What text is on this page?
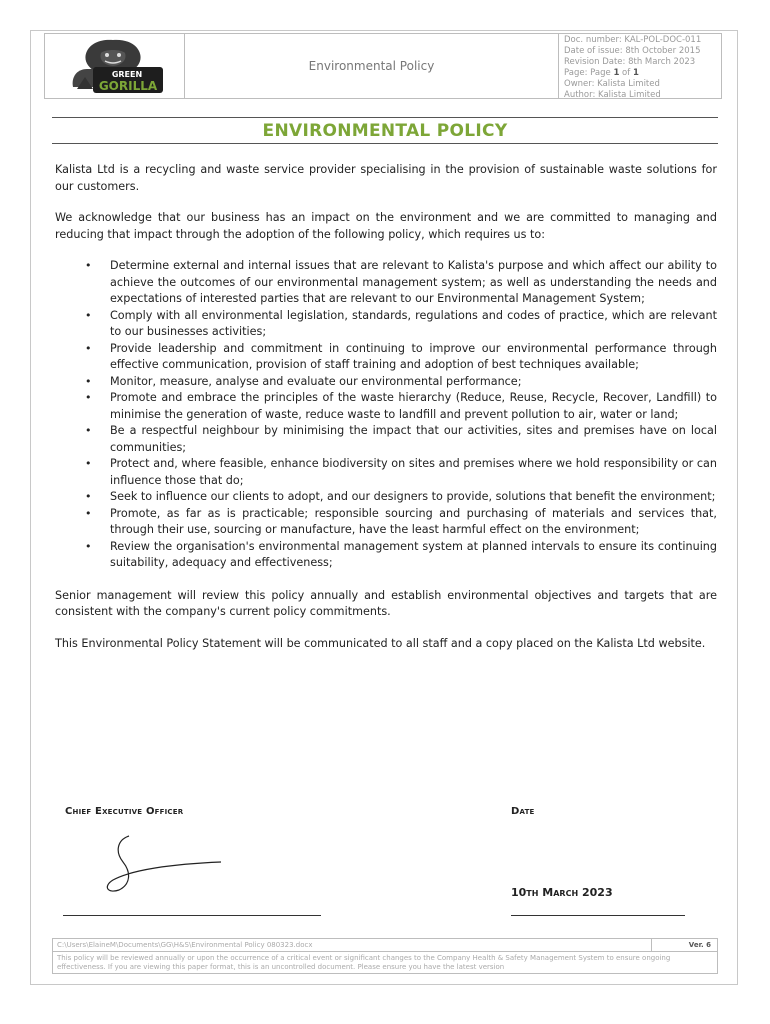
GREEN
GORILLA
Environmental Policy
Doc. number: KAL-POL-DOC-011
Date of issue: 8th October 2015
Revision Date: 8th March 2023
Page: Page 1 of 1
Owner: Kalista Limited
Author: Kalista Limited
ENVIRONMENTAL POLICY

Kalista Ltd is a recycling and waste service provider specialising in the provision of sustainable waste solutions for our customers.

We acknowledge that our business has an impact on the environment and we are committed to managing and reducing that impact through the adoption of the following policy, which requires us to:

• Determine external and internal issues that are relevant to Kalista's purpose and which affect our ability to achieve the outcomes of our environmental management system; as well as understanding the needs and expectations of interested parties that are relevant to our Environmental Management System;
• Comply with all environmental legislation, standards, regulations and codes of practice, which are relevant to our businesses activities;
• Provide leadership and commitment in continuing to improve our environmental performance through effective communication, provision of staff training and adoption of best techniques available;
• Monitor, measure, analyse and evaluate our environmental performance;
• Promote and embrace the principles of the waste hierarchy (Reduce, Reuse, Recycle, Recover, Landfill) to minimise the generation of waste, reduce waste to landfill and prevent pollution to air, water or land;
• Be a respectful neighbour by minimising the impact that our activities, sites and premises have on local communities;
• Protect and, where feasible, enhance biodiversity on sites and premises where we hold responsibility or can influence those that do;
• Seek to influence our clients to adopt, and our designers to provide, solutions that benefit the environment;
• Promote, as far as is practicable; responsible sourcing and purchasing of materials and services that, through their use, sourcing or manufacture, have the least harmful effect on the environment;
• Review the organisation's environmental management system at planned intervals to ensure its continuing suitability, adequacy and effectiveness;

Senior management will review this policy annually and establish environmental objectives and targets that are consistent with the company's current policy commitments.

This Environmental Policy Statement will be communicated to all staff and a copy placed on the Kalista Ltd website.

Chief Executive Officer	Date
10th March 2023
C:\Users\ElaineM\Documents\GG\H&S\Environmental Policy 080323.docx	Ver. 6
This policy will be reviewed annually or upon the occurrence of a critical event or significant changes to the Company Health & Safety Management System to ensure ongoing effectiveness. If you are viewing this paper format, this is an uncontrolled document. Please ensure you have the latest version
